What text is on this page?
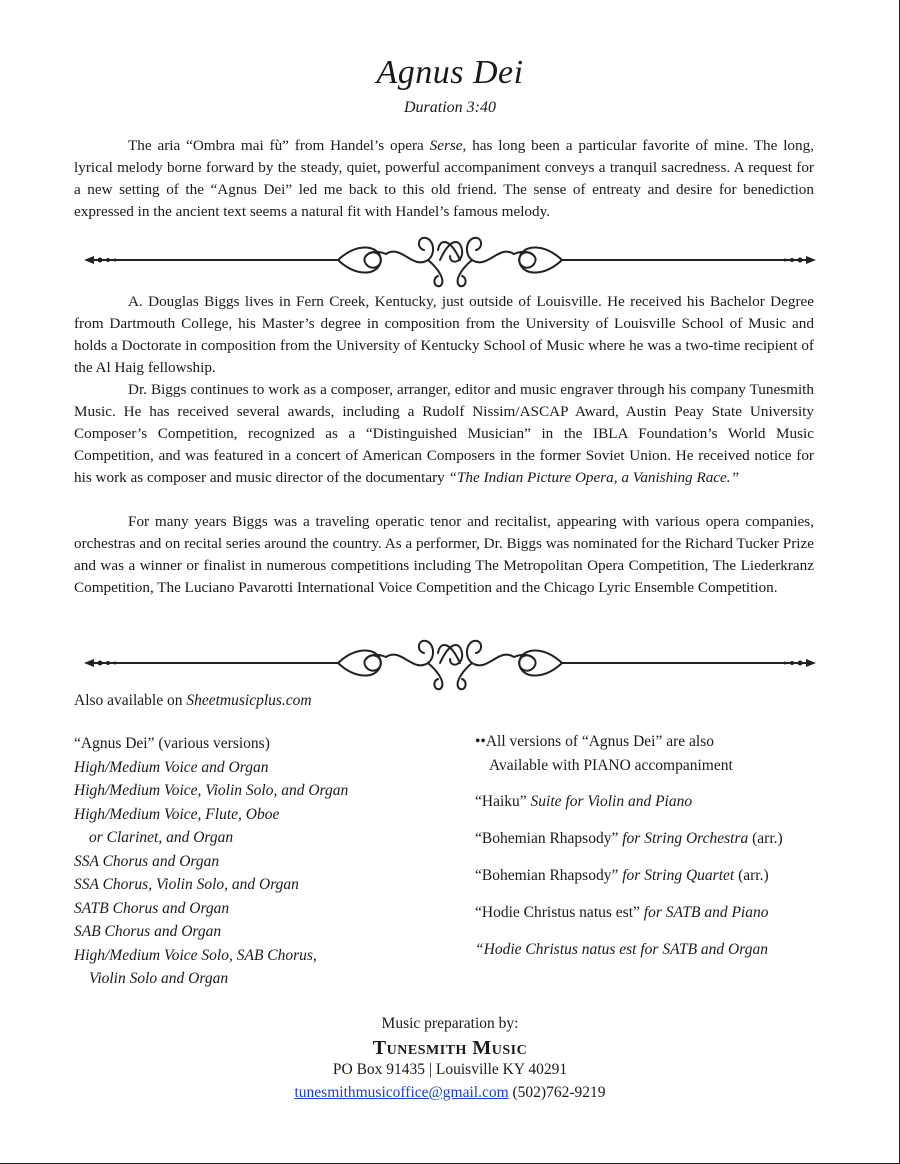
Agnus Dei
Duration 3:40

The aria “Ombra mai fù” from Handel’s opera Serse, has long been a particular favorite of mine. The long, lyrical melody borne forward by the steady, quiet, powerful accompaniment conveys a tranquil sacredness. A request for a new setting of the “Agnus Dei” led me back to this old friend. The sense of entreaty and desire for benediction expressed in the ancient text seems a natural fit with Handel’s famous melody.

A. Douglas Biggs lives in Fern Creek, Kentucky, just outside of Louisville. He received his Bachelor Degree from Dartmouth College, his Master’s degree in composition from the University of Louisville School of Music and holds a Doctorate in composition from the University of Kentucky School of Music where he was a two-time recipient of the Al Haig fellowship.

Dr. Biggs continues to work as a composer, arranger, editor and music engraver through his company Tunesmith Music. He has received several awards, including a Rudolf Nissim/ASCAP Award, Austin Peay State University Composer’s Competition, recognized as a “Distinguished Musician” in the IBLA Foundation’s World Music Competition, and was featured in a concert of American Composers in the former Soviet Union. He received notice for his work as composer and music director of the documentary “The Indian Picture Opera, a Vanishing Race.”

For many years Biggs was a traveling operatic tenor and recitalist, appearing with various opera companies, orchestras and on recital series around the country. As a performer, Dr. Biggs was nominated for the Richard Tucker Prize and was a winner or finalist in numerous competitions including The Metropolitan Opera Competition, The Liederkranz Competition, The Luciano Pavarotti International Voice Competition and the Chicago Lyric Ensemble Competition.

Also available on Sheetmusicplus.com
“Agnus Dei” (various versions)
High/Medium Voice and Organ
High/Medium Voice, Violin Solo, and Organ
High/Medium Voice, Flute, Oboe
or Clarinet, and Organ
SSA Chorus and Organ
SSA Chorus, Violin Solo, and Organ
SATB Chorus and Organ
SAB Chorus and Organ
High/Medium Voice Solo, SAB Chorus,
Violin Solo and Organ
••All versions of “Agnus Dei” are also
Available with PIANO accompaniment
“Haiku” Suite for Violin and Piano
“Bohemian Rhapsody” for String Orchestra (arr.)
“Bohemian Rhapsody” for String Quartet (arr.)
“Hodie Christus natus est” for SATB and Piano
“Hodie Christus natus est for SATB and Organ
Music preparation by:
Tunesmith Music
PO Box 91435 | Louisville KY 40291
tunesmithmusicoffice@gmail.com (502)762-9219
